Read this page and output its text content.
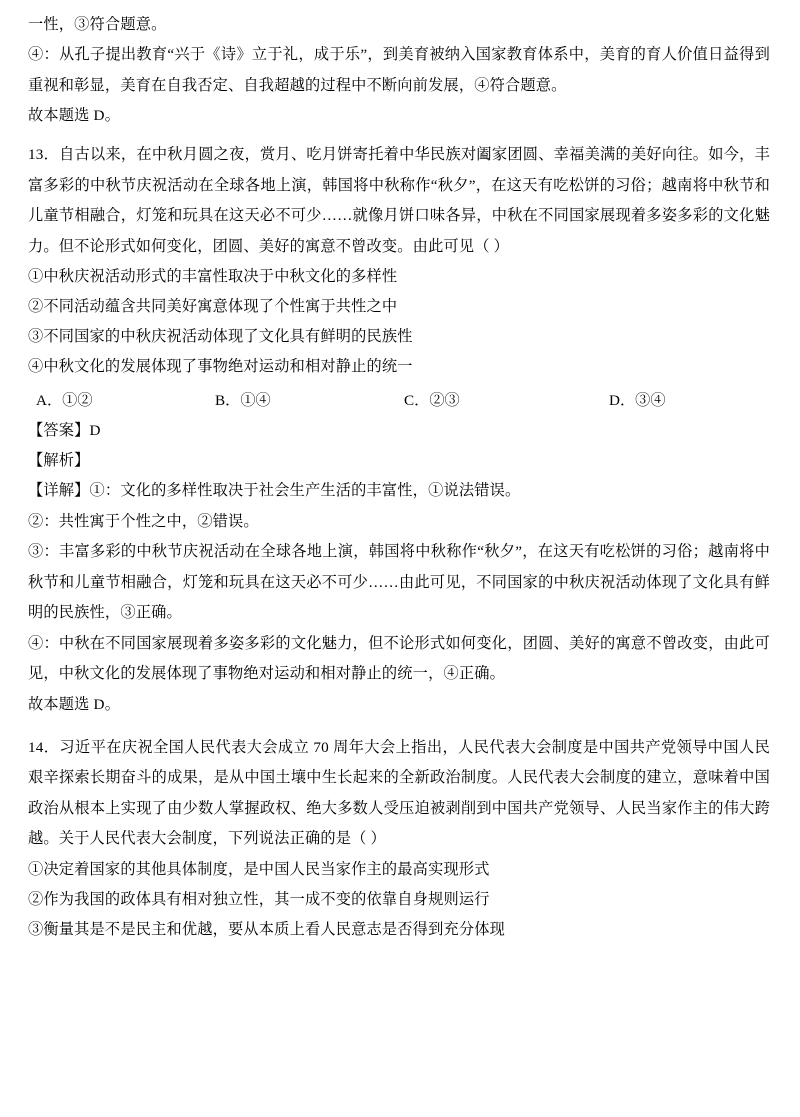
一性，③符合题意。

④：从孔子提出教育“兴于《诗》立于礼，成于乐”，到美育被纳入国家教育体系中，美育的育人价值日益得到重视和彰显，美育在自我否定、自我超越的过程中不断向前发展，④符合题意。

故本题选 D。

13．自古以来，在中秋月圆之夜，赏月、吃月饼寄托着中华民族对阖家团圆、幸福美满的美好向往。如今，丰富多彩的中秋节庆祝活动在全球各地上演，韩国将中秋称作“秋夕”，在这天有吃松饼的习俗；越南将中秋节和儿童节相融合，灯笼和玩具在这天必不可少……就像月饼口味各异，中秋在不同国家展现着多姿多彩的文化魅力。但不论形式如何变化，团圆、美好的寓意不曾改变。由此可见（ ）

①中秋庆祝活动形式的丰富性取决于中秋文化的多样性
②不同活动蕴含共同美好寓意体现了个性寓于共性之中
③不同国家的中秋庆祝活动体现了文化具有鲜明的民族性
④中秋文化的发展体现了事物绝对运动和相对静止的统一
A．①②	B．①④	C．②③	D．③④
【答案】D
【解析】

【详解】①：文化的多样性取决于社会生产生活的丰富性，①说法错误。

②：共性寓于个性之中，②错误。

③：丰富多彩的中秋节庆祝活动在全球各地上演，韩国将中秋称作“秋夕”，在这天有吃松饼的习俗；越南将中秋节和儿童节相融合，灯笼和玩具在这天必不可少……由此可见，不同国家的中秋庆祝活动体现了文化具有鲜明的民族性，③正确。

④：中秋在不同国家展现着多姿多彩的文化魅力，但不论形式如何变化，团圆、美好的寓意不曾改变，由此可见，中秋文化的发展体现了事物绝对运动和相对静止的统一，④正确。

故本题选 D。

14．习近平在庆祝全国人民代表大会成立 70 周年大会上指出，人民代表大会制度是中国共产党领导中国人民艰辛探索长期奋斗的成果，是从中国土壤中生长起来的全新政治制度。人民代表大会制度的建立，意味着中国政治从根本上实现了由少数人掌握政权、绝大多数人受压迫被剥削到中国共产党领导、人民当家作主的伟大跨越。关于人民代表大会制度，下列说法正确的是（ ）

①决定着国家的其他具体制度，是中国人民当家作主的最高实现形式
②作为我国的政体具有相对独立性，其一成不变的依靠自身规则运行
③衡量其是不是民主和优越，要从本质上看人民意志是否得到充分体现
